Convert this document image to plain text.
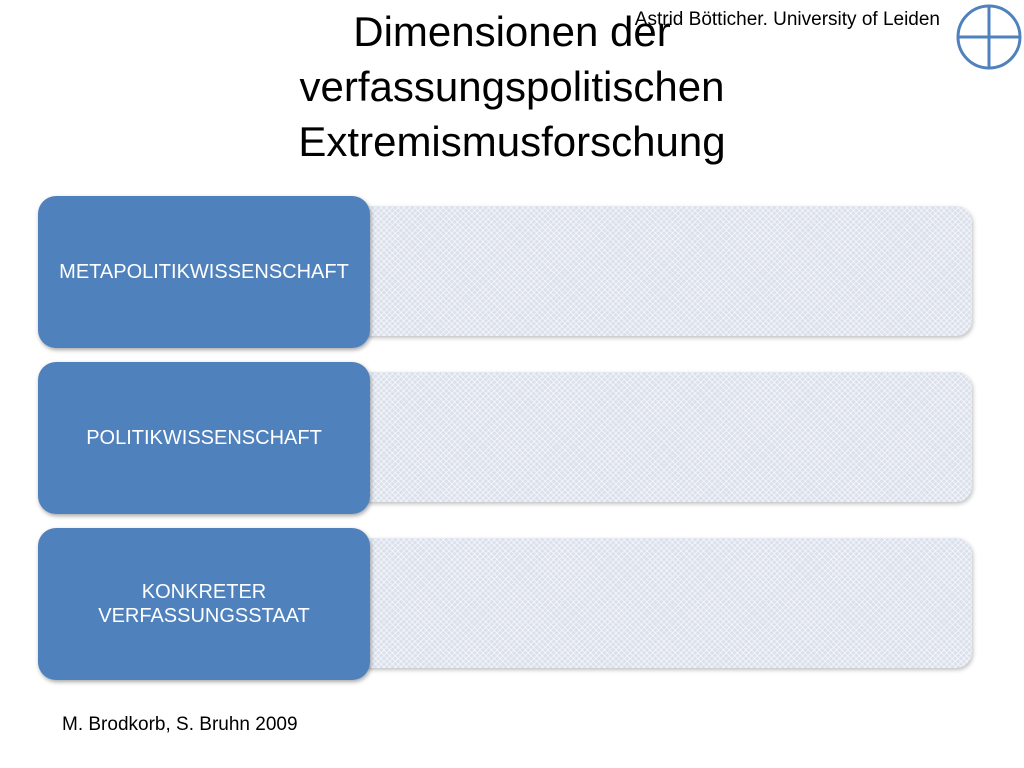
Dimensionen der
verfassungspolitischen
Extremismusforschung
Astrid Bötticher. University of Leiden
METAPOLITIKWISSENSCHAFT
•
•
POLITIKWISSENSCHAFT
•
•
KONKRETER VERFASSUNGSSTAAT
•
M. Brodkorb, S. Bruhn 2009
